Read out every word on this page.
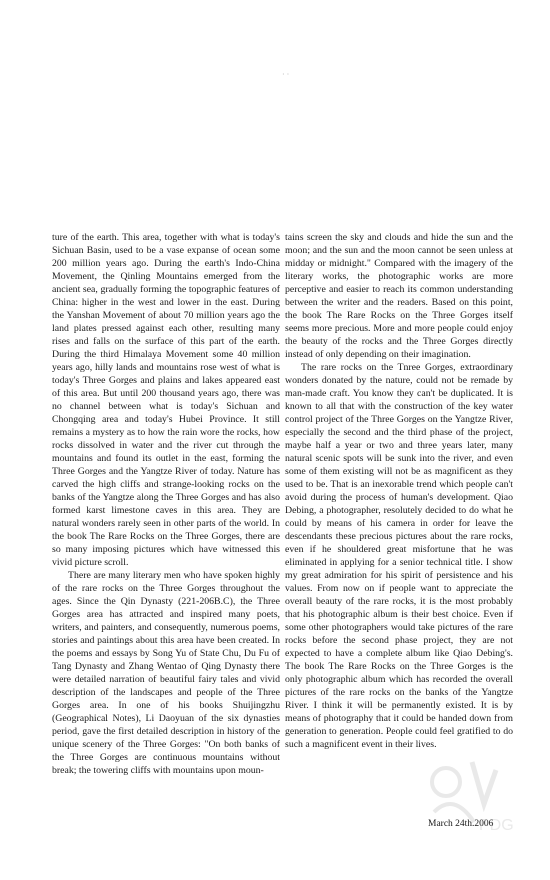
· ·

ture of the earth. This area, together with what is today's Sichuan Basin, used to be a vase expanse of ocean some 200 million years ago. During the earth's Indo-China Movement, the Qinling Mountains emerged from the ancient sea, gradually forming the topographic features of China: higher in the west and lower in the east. During the Yanshan Movement of about 70 million years ago the land plates pressed against each other, resulting many rises and falls on the surface of this part of the earth. During the third Himalaya Movement some 40 million years ago, hilly lands and mountains rose west of what is today's Three Gorges and plains and lakes appeared east of this area. But until 200 thousand years ago, there was no channel between what is today's Sichuan and Chongqing area and today's Hubei Province. It still remains a mystery as to how the rain wore the rocks, how rocks dissolved in water and the river cut through the mountains and found its outlet in the east, forming the Three Gorges and the Yangtze River of today. Nature has carved the high cliffs and strange-looking rocks on the banks of the Yangtze along the Three Gorges and has also formed karst limestone caves in this area. They are natural wonders rarely seen in other parts of the world. In the book The Rare Rocks on the Three Gorges, there are so many imposing pictures which have witnessed this vivid picture scroll.

There are many literary men who have spoken highly of the rare rocks on the Three Gorges throughout the ages. Since the Qin Dynasty (221-206B.C), the Three Gorges area has attracted and inspired many poets, writers, and painters, and consequently, numerous poems, stories and paintings about this area have been created. In the poems and essays by Song Yu of State Chu, Du Fu of Tang Dynasty and Zhang Wentao of Qing Dynasty there were detailed narration of beautiful fairy tales and vivid description of the landscapes and people of the Three Gorges area. In one of his books Shuijingzhu (Geographical Notes), Li Daoyuan of the six dynasties period, gave the first detailed description in history of the unique scenery of the Three Gorges: "On both banks of the Three Gorges are continuous mountains without break; the towering cliffs with mountains upon moun-

tains screen the sky and clouds and hide the sun and the moon; and the sun and the moon cannot be seen unless at midday or midnight." Compared with the imagery of the literary works, the photographic works are more perceptive and easier to reach its common understanding between the writer and the readers. Based on this point, the book The Rare Rocks on the Three Gorges itself seems more precious. More and more people could enjoy the beauty of the rocks and the Three Gorges directly instead of only depending on their imagination.

The rare rocks on the Tnree Gorges, extraordinary wonders donated by the nature, could not be remade by man-made craft. You know they can't be duplicated. It is known to all that with the construction of the key water control project of the Three Gorges on the Yangtze River, especially the second and the third phase of the project, maybe half a year or two and three years later, many natural scenic spots will be sunk into the river, and even some of them existing will not be as magnificent as they used to be. That is an inexorable trend which people can't avoid during the process of human's development. Qiao Debing, a photographer, resolutely decided to do what he could by means of his camera in order for leave the descendants these precious pictures about the rare rocks, even if he shouldered great misfortune that he was eliminated in applying for a senior technical title. I show my great admiration for his spirit of persistence and his values. From now on if people want to appreciate the overall beauty of the rare rocks, it is the most probably that his photographic album is their best choice. Even if some other photographers would take pictures of the rare rocks before the second phase project, they are not expected to have a complete album like Qiao Debing's. The book The Rare Rocks on the Three Gorges is the only photographic album which has recorded the overall pictures of the rare rocks on the banks of the Yangtze River. I think it will be permanently existed. It is by means of photography that it could be handed down from generation to generation. People could feel gratified to do such a magnificent event in their lives.

March 24th.2006
PDG
